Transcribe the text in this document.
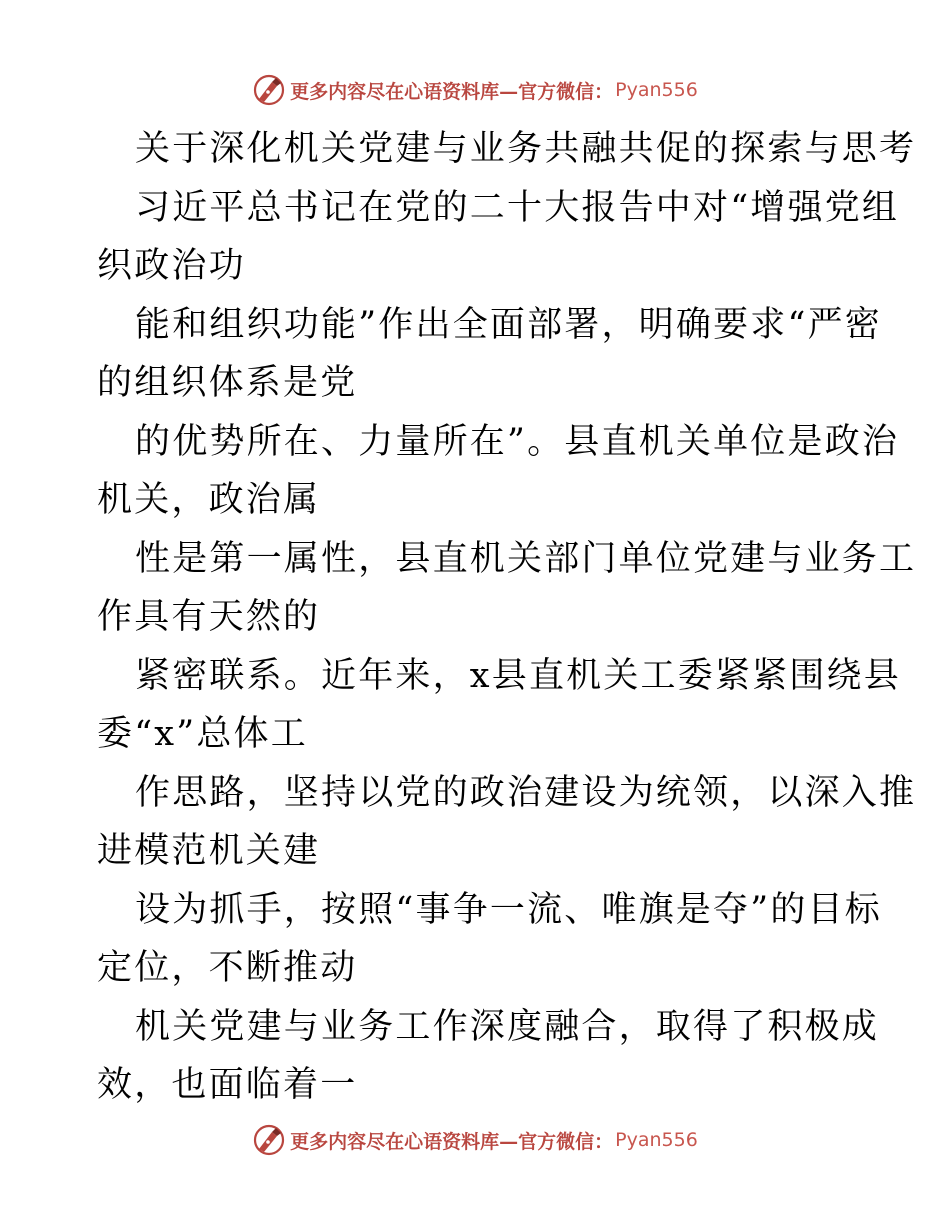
更多内容尽在心语资料库—官方微信： Pyan556
关于深化机关党建与业务共融共促的探索与思考
习近平总书记在党的二十大报告中对“增强党组
织政治功
能和组织功能”作出全面部署，明确要求“严密
的组织体系是党
的优势所在、力量所在”。县直机关单位是政治
机关，政治属
性是第一属性，县直机关部门单位党建与业务工
作具有天然的
紧密联系。近年来，x县直机关工委紧紧围绕县
委“x”总体工
作思路，坚持以党的政治建设为统领，以深入推
进模范机关建
设为抓手，按照“事争一流、唯旗是夺”的目标
定位，不断推动
机关党建与业务工作深度融合，取得了积极成
效，也面临着一
更多内容尽在心语资料库—官方微信： Pyan556
